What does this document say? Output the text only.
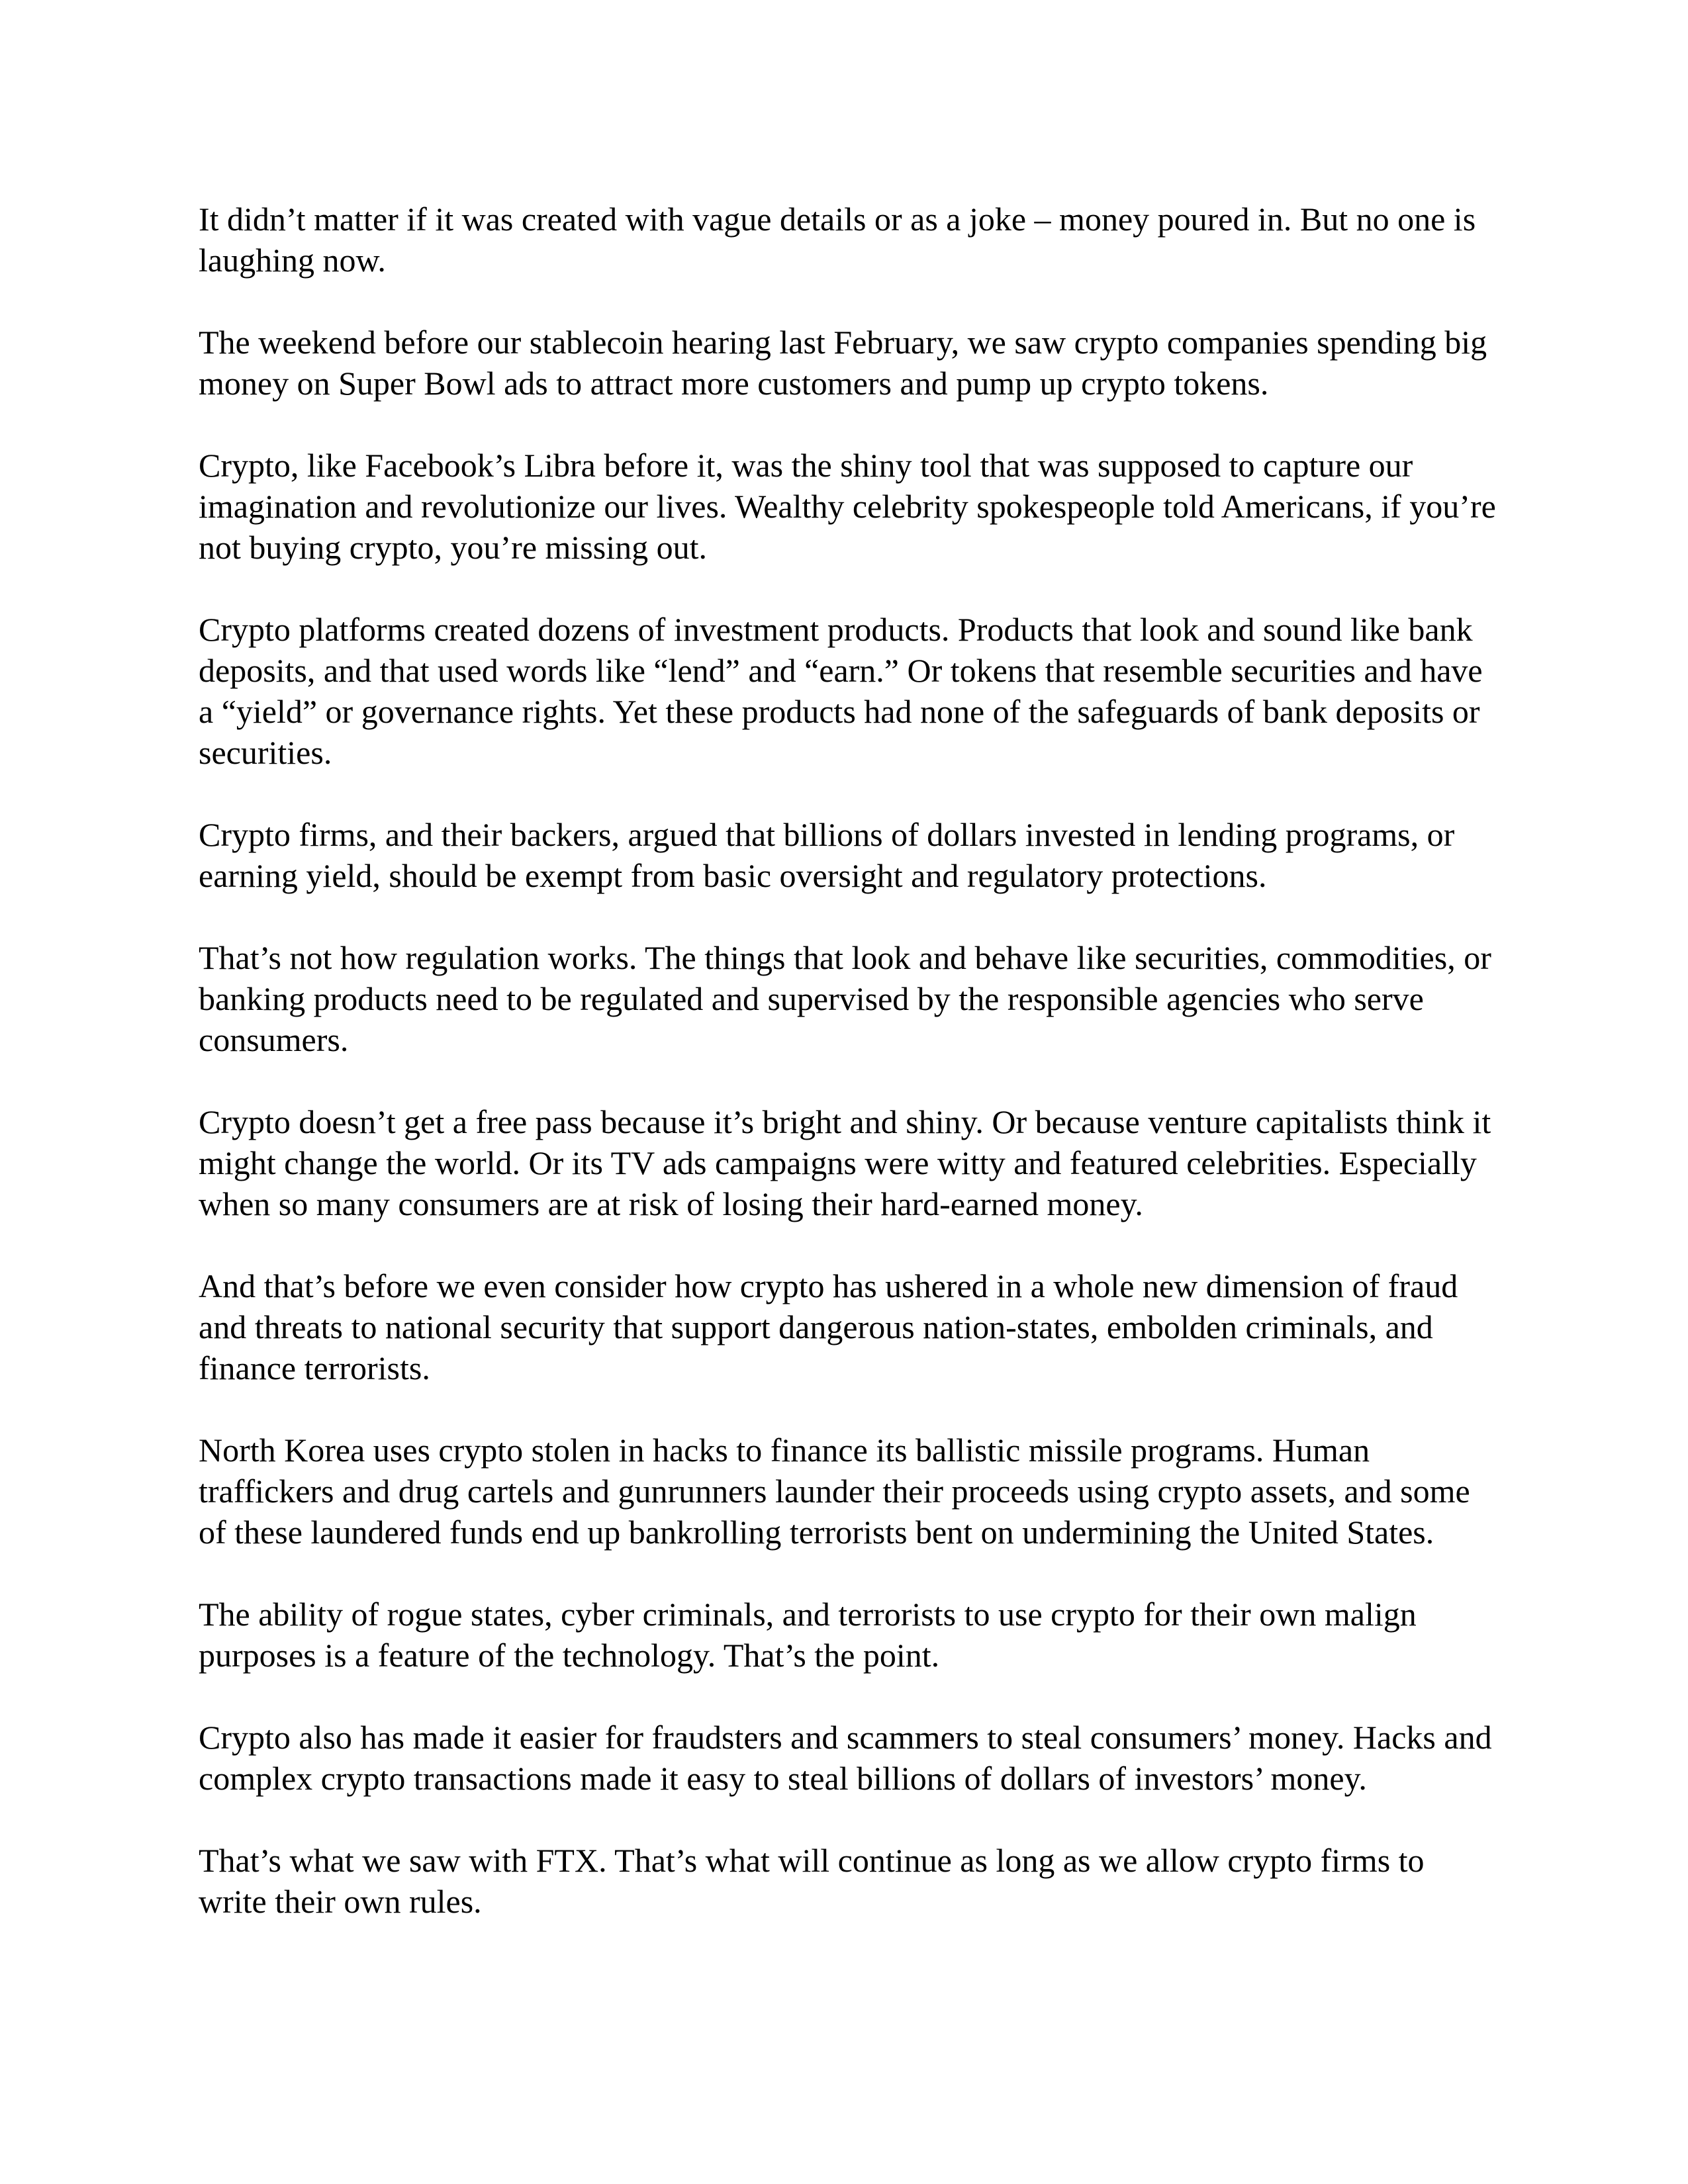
It didn’t matter if it was created with vague details or as a joke – money poured in. But no one is laughing now.

The weekend before our stablecoin hearing last February, we saw crypto companies spending big money on Super Bowl ads to attract more customers and pump up crypto tokens.

Crypto, like Facebook’s Libra before it, was the shiny tool that was supposed to capture our imagination and revolutionize our lives. Wealthy celebrity spokespeople told Americans, if you’re not buying crypto, you’re missing out.

Crypto platforms created dozens of investment products. Products that look and sound like bank deposits, and that used words like “lend” and “earn.” Or tokens that resemble securities and have a “yield” or governance rights. Yet these products had none of the safeguards of bank deposits or securities.

Crypto firms, and their backers, argued that billions of dollars invested in lending programs, or earning yield, should be exempt from basic oversight and regulatory protections.

That’s not how regulation works. The things that look and behave like securities, commodities, or banking products need to be regulated and supervised by the responsible agencies who serve consumers.

Crypto doesn’t get a free pass because it’s bright and shiny. Or because venture capitalists think it might change the world. Or its TV ads campaigns were witty and featured celebrities. Especially when so many consumers are at risk of losing their hard-earned money.

And that’s before we even consider how crypto has ushered in a whole new dimension of fraud and threats to national security that support dangerous nation-states, embolden criminals, and finance terrorists.

North Korea uses crypto stolen in hacks to finance its ballistic missile programs. Human traffickers and drug cartels and gunrunners launder their proceeds using crypto assets, and some of these laundered funds end up bankrolling terrorists bent on undermining the United States.

The ability of rogue states, cyber criminals, and terrorists to use crypto for their own malign purposes is a feature of the technology. That’s the point.

Crypto also has made it easier for fraudsters and scammers to steal consumers’ money. Hacks and complex crypto transactions made it easy to steal billions of dollars of investors’ money.

That’s what we saw with FTX. That’s what will continue as long as we allow crypto firms to write their own rules.
